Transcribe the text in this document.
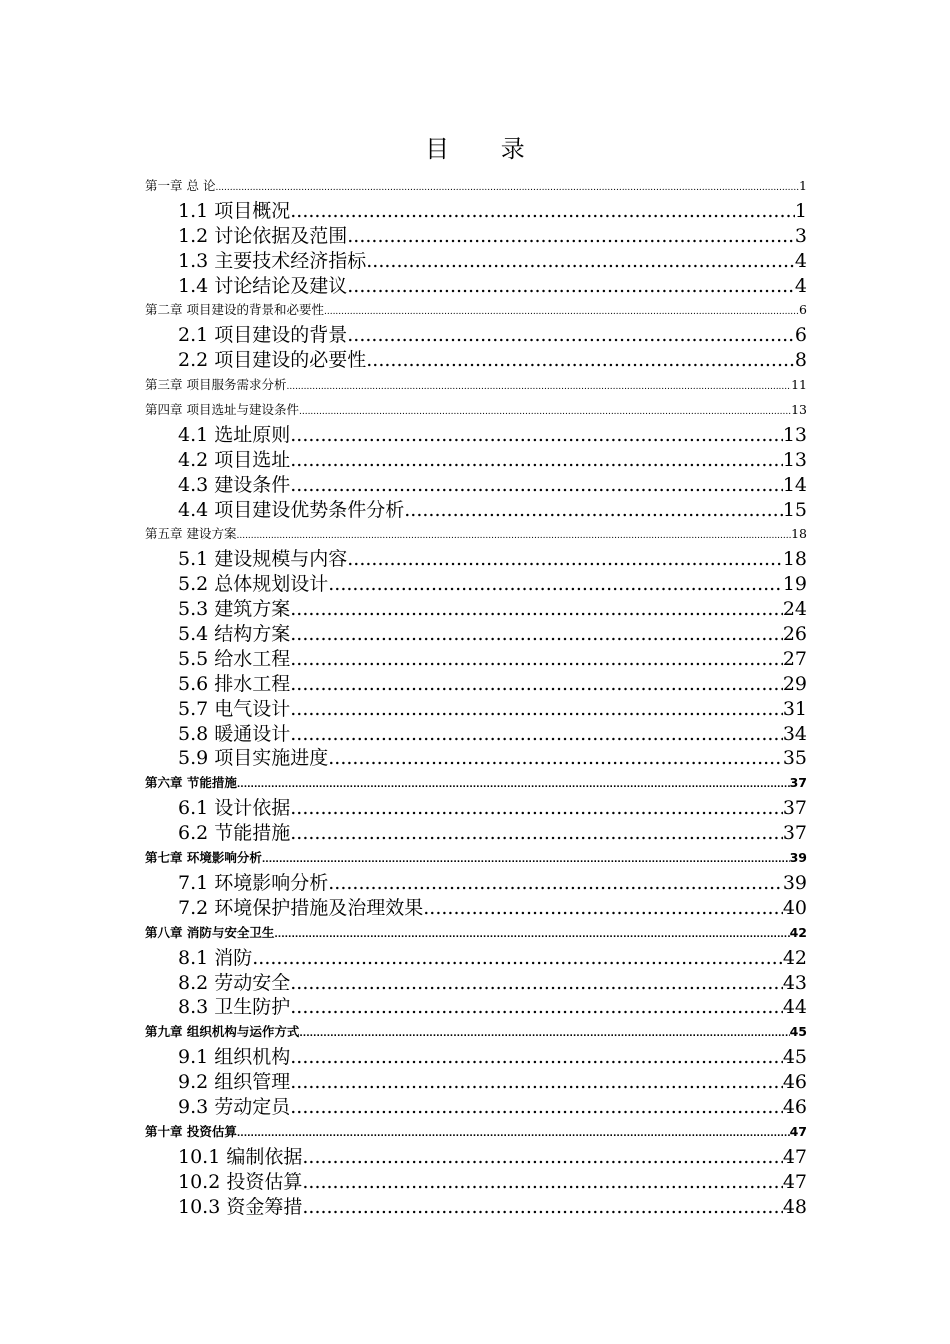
目 录
第一章 总 论 .....	1
1.1 项目概况 .....	1
1.2 讨论依据及范围 .....	3
1.3 主要技术经济指标 .....	4
1.4 讨论结论及建议 .....	4
第二章 项目建设的背景和必要性 .....	6
2.1 项目建设的背景 .....	6
2.2 项目建设的必要性 .....	8
第三章 项目服务需求分析 .....	11
第四章 项目选址与建设条件 .....	13
4.1 选址原则 .....	13
4.2 项目选址 .....	13
4.3 建设条件 .....	14
4.4 项目建设优势条件分析 .....	15
第五章 建设方案 .....	18
5.1 建设规模与内容 .....	18
5.2 总体规划设计 .....	19
5.3 建筑方案 .....	24
5.4 结构方案 .....	26
5.5 给水工程 .....	27
5.6 排水工程 .....	29
5.7 电气设计 .....	31
5.8 暖通设计 .....	34
5.9 项目实施进度 .....	35
第六章 节能措施 .....	37
6.1 设计依据 .....	37
6.2 节能措施 .....	37
第七章 环境影响分析 .....	39
7.1 环境影响分析 .....	39
7.2 环境保护措施及治理效果 .....	40
第八章 消防与安全卫生 .....	42
8.1 消防 .....	42
8.2 劳动安全 .....	43
8.3 卫生防护 .....	44
第九章 组织机构与运作方式 .....	45
9.1 组织机构 .....	45
9.2 组织管理 .....	46
9.3 劳动定员 .....	46
第十章 投资估算 .....	47
10.1 编制依据 .....	47
10.2 投资估算 .....	47
10.3 资金筹措 .....	48
